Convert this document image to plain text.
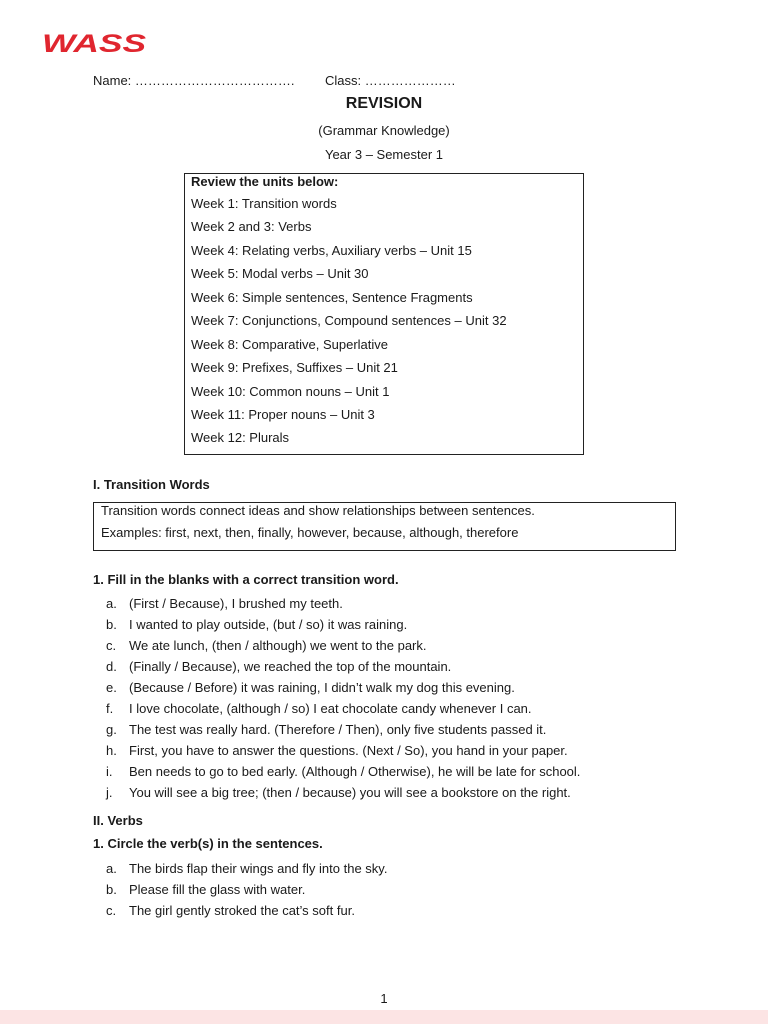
WASS
Name: ………………………………. Class: …………………
REVISION
(Grammar Knowledge)
Year 3 – Semester 1
Review the units below:
Week 1: Transition words
Week 2 and 3: Verbs
Week 4: Relating verbs, Auxiliary verbs – Unit 15
Week 5: Modal verbs – Unit 30
Week 6: Simple sentences, Sentence Fragments
Week 7: Conjunctions, Compound sentences – Unit 32
Week 8: Comparative, Superlative
Week 9: Prefixes, Suffixes – Unit 21
Week 10: Common nouns – Unit 1
Week 11: Proper nouns – Unit 3
Week 12: Plurals
I. Transition Words
Transition words connect ideas and show relationships between sentences.
Examples: first, next, then, finally, however, because, although, therefore
1. Fill in the blanks with a correct transition word.
a. (First / Because), I brushed my teeth.
b. I wanted to play outside, (but / so) it was raining.
c. We ate lunch, (then / although) we went to the park.
d. (Finally / Because), we reached the top of the mountain.
e. (Because / Before) it was raining, I didn’t walk my dog this evening.
f.	I love chocolate, (although / so) I eat chocolate candy whenever I can.
g. The test was really hard. (Therefore / Then), only five students passed it.
h. First, you have to answer the questions. (Next / So), you hand in your paper.
i.	Ben needs to go to bed early. (Although / Otherwise), he will be late for school.
j.	You will see a big tree; (then / because) you will see a bookstore on the right.
II. Verbs
1. Circle the verb(s) in the sentences.
a. The birds flap their wings and fly into the sky.
b. Please fill the glass with water.
c. The girl gently stroked the cat’s soft fur.
1
